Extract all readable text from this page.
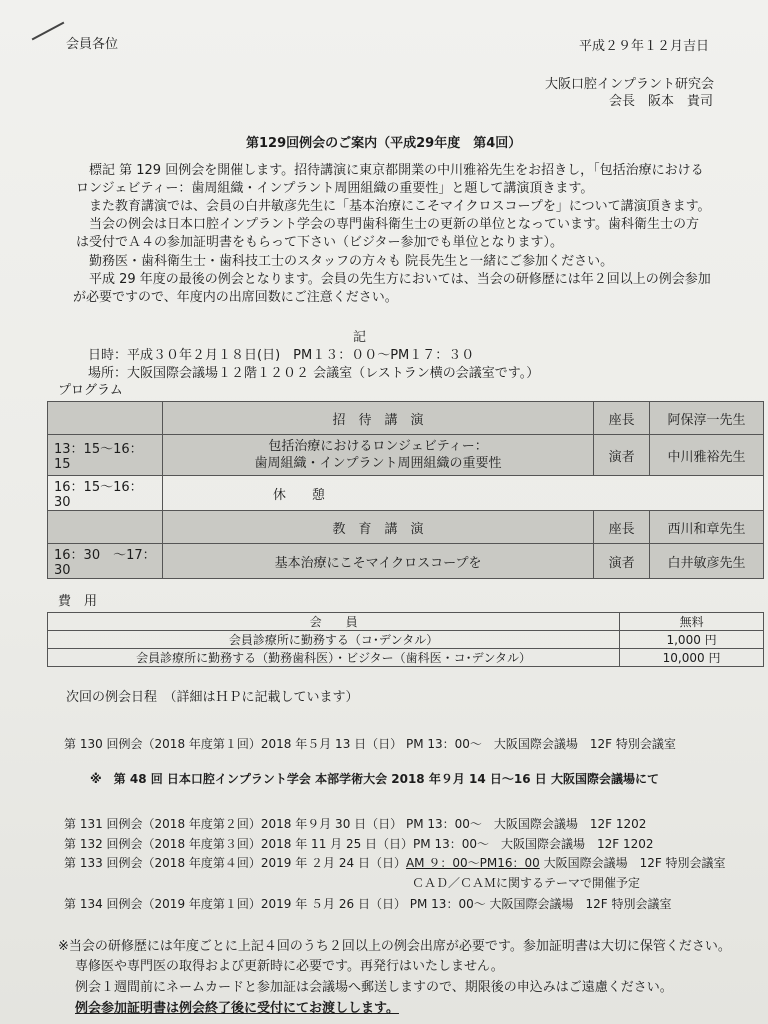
会員各位	平成２９年１２月吉日
大阪口腔インプラント研究会
会長　阪本　貴司
第129回例会のご案内（平成29年度　第4回）
標記 第 129 回例会を開催します。招待講演に東京都開業の中川雅裕先生をお招きし，「包括治療における
ロンジェビティー：歯周組織・インプラント周囲組織の重要性」と題して講演頂きます。
また教育講演では、会員の白井敏彦先生に「基本治療にこそマイクロスコープを」について講演頂きます。
当会の例会は日本口腔インプラント学会の専門歯科衛生士の更新の単位となっています。歯科衛生士の方
は受付でＡ４の参加証明書をもらって下さい（ビジター参加でも単位となります）。
勤務医・歯科衛生士・歯科技工士のスタッフの方々も 院長先生と一緒にご参加ください。
平成 29 年度の最後の例会となります。会員の先生方においては、当会の研修歴には年２回以上の例会参加
が必要ですので、年度内の出席回数にご注意ください。
記
日時：平成３０年２月１８日(日)　PM１３：００〜PM１７：３０
場所：大阪国際会議場１２階１２０２ 会議室（レストラン横の会議室です。）
プログラム
	招　待　講　演	座長	阿保淳一先生
13：15〜16：15	包括治療におけるロンジェビティー：
歯周組織・インプラント周囲組織の重要性	演者	中川雅裕先生
16：15〜16：30	休　　憩		
	教　育　講　演	座長	西川和章先生
16：30　〜17：30	基本治療にこそマイクロスコープを	演者	白井敏彦先生
費　用
会　　員	無料
会員診療所に勤務する（コ･デンタル）	1,000 円
会員診療所に勤務する（勤務歯科医）・ビジター（歯科医・コ･デンタル）	10,000 円
次回の例会日程　（詳細はＨＰに記載しています）
第 130 回例会（2018 年度第１回）2018 年５月 13 日（日） PM 13：00〜　大阪国際会議場　12F 特別会議室
※　第 48 回 日本口腔インプラント学会 本部学術大会 2018 年９月 14 日〜16 日 大阪国際会議場にて
第 131 回例会（2018 年度第２回）2018 年９月 30 日（日） PM 13：00〜　大阪国際会議場　12F 1202
第 132 回例会（2018 年度第３回）2018 年 11 月 25 日（日）PM 13：00〜　大阪国際会議場　12F 1202
第 133 回例会（2018 年度第４回）2019 年 ２月 24 日（日）AM ９：00〜PM16：00 大阪国際会議場　12F 特別会議室
ＣＡＤ／ＣＡＭに関するテーマで開催予定
第 134 回例会（2019 年度第１回）2019 年 ５月 26 日（日） PM 13：00〜 大阪国際会議場　12F 特別会議室
※当会の研修歴には年度ごとに上記４回のうち２回以上の例会出席が必要です。参加証明書は大切に保管ください。
専修医や専門医の取得および更新時に必要です。再発行はいたしません。
例会１週間前にネームカードと参加証は会議場へ郵送しますので、期限後の申込みはご遠慮ください。
例会参加証明書は例会終了後に受付にてお渡しします。
